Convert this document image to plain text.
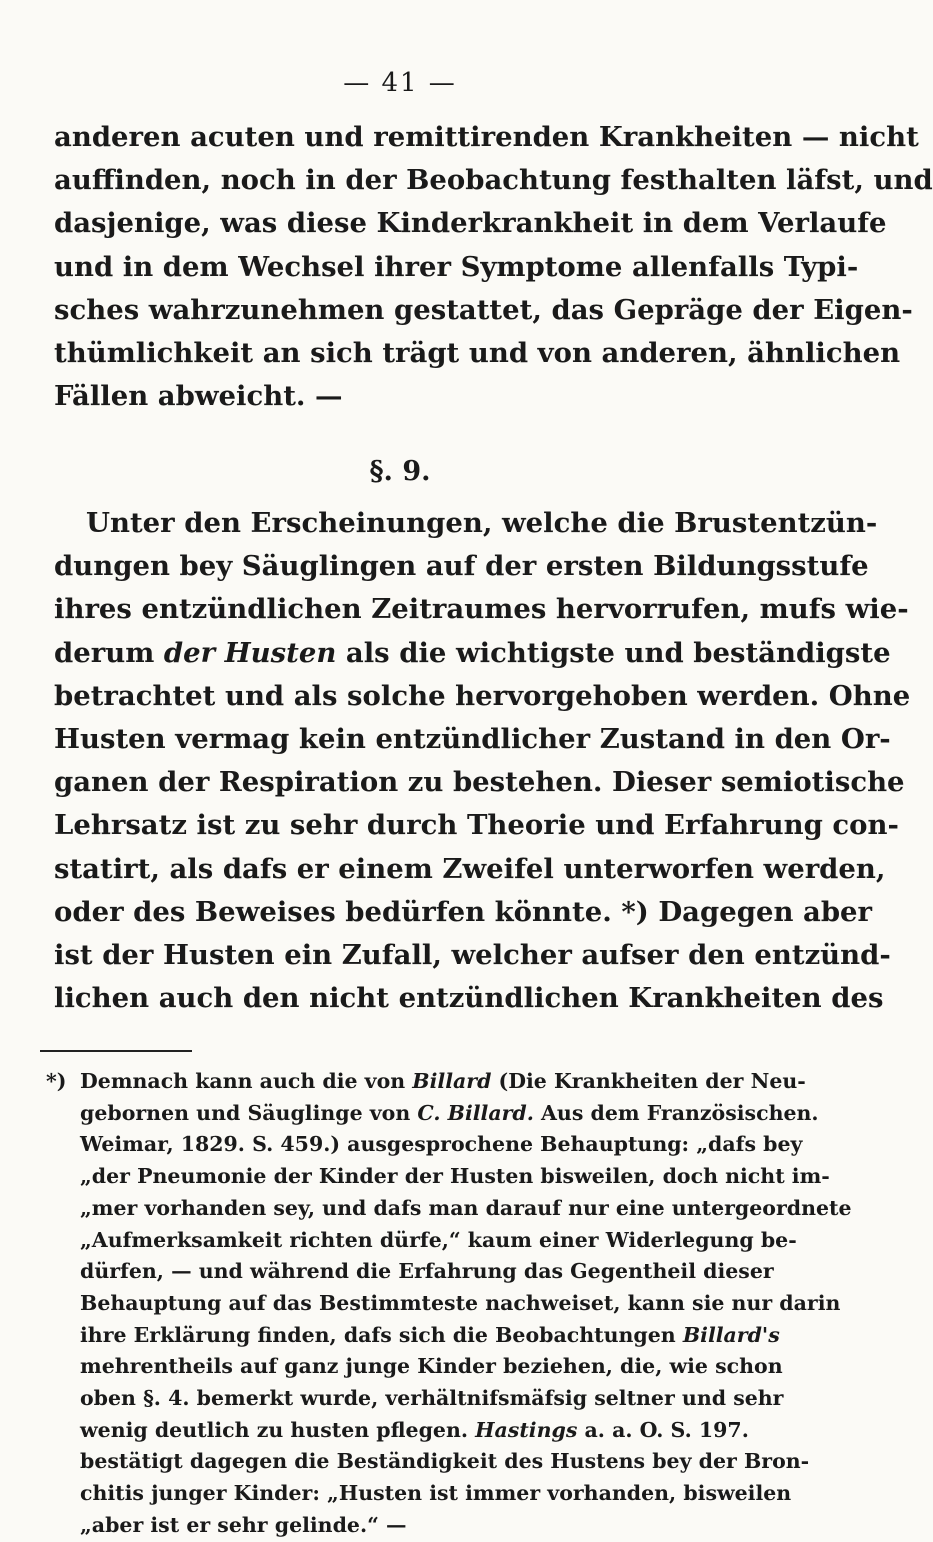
— 41 —

anderen acuten und remittirenden Krankheiten — nicht
auffinden, noch in der Beobachtung festhalten läfst, und
dasjenige, was diese Kinderkrankheit in dem Verlaufe
und in dem Wechsel ihrer Symptome allenfalls Typi-
sches wahrzunehmen gestattet, das Gepräge der Eigen-
thümlichkeit an sich trägt und von anderen, ähnlichen
Fällen abweicht. —

§. 9.

Unter den Erscheinungen, welche die Brustentzün-
dungen bey Säuglingen auf der ersten Bildungsstufe
ihres entzündlichen Zeitraumes hervorrufen, mufs wie-
derum der Husten als die wichtigste und beständigste
betrachtet und als solche hervorgehoben werden. Ohne
Husten vermag kein entzündlicher Zustand in den Or-
ganen der Respiration zu bestehen. Dieser semiotische
Lehrsatz ist zu sehr durch Theorie und Erfahrung con-
statirt, als dafs er einem Zweifel unterworfen werden,
oder des Beweises bedürfen könnte. *) Dagegen aber
ist der Husten ein Zufall, welcher aufser den entzünd-
lichen auch den nicht entzündlichen Krankheiten des

*) Demnach kann auch die von Billard (Die Krankheiten der Neu-
gebornen und Säuglinge von C. Billard. Aus dem Französischen.
Weimar, 1829. S. 459.) ausgesprochene Behauptung: „dafs bey
„der Pneumonie der Kinder der Husten bisweilen, doch nicht im-
„mer vorhanden sey, und dafs man darauf nur eine untergeordnete
„Aufmerksamkeit richten dürfe,“ kaum einer Widerlegung be-
dürfen, — und während die Erfahrung das Gegentheil dieser
Behauptung auf das Bestimmteste nachweiset, kann sie nur darin
ihre Erklärung finden, dafs sich die Beobachtungen Billard's
mehrentheils auf ganz junge Kinder beziehen, die, wie schon
oben §. 4. bemerkt wurde, verhältnifsmäfsig seltner und sehr
wenig deutlich zu husten pflegen. Hastings a. a. O. S. 197.
bestätigt dagegen die Beständigkeit des Hustens bey der Bron-
chitis junger Kinder: „Husten ist immer vorhanden, bisweilen
„aber ist er sehr gelinde.“ —
